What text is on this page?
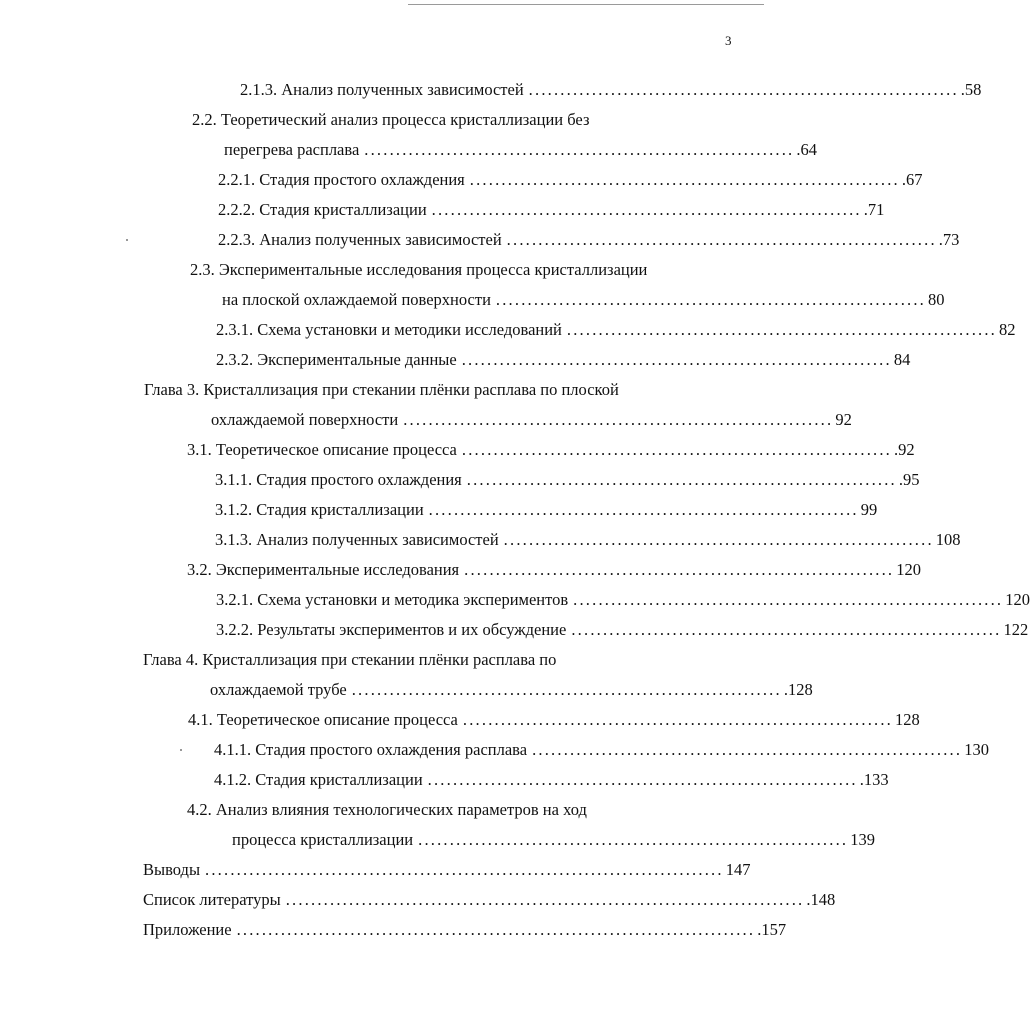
3
2.1.3. Анализ полученных зависимостей .................................................................... .58
2.2. Теоретический анализ процесса кристаллизации без
перегрева расплава .................................................................... .64
2.2.1. Стадия простого охлаждения .................................................................... .67
2.2.2. Стадия кристаллизации .................................................................... .71
2.2.3. Анализ полученных зависимостей .................................................................... .73
2.3. Экспериментальные исследования процесса кристаллизации
на плоской охлаждаемой поверхности .................................................................... 80
2.3.1. Схема установки и методики исследований .................................................................... 82
2.3.2. Экспериментальные данные .................................................................... 84
Глава 3. Кристаллизация при стекании плёнки расплава по плоской
охлаждаемой поверхности .................................................................... 92
3.1. Теоретическое описание процесса .................................................................... .92
3.1.1. Стадия простого охлаждения .................................................................... .95
3.1.2. Стадия кристаллизации .................................................................... 99
3.1.3. Анализ полученных зависимостей .................................................................... 108
3.2. Экспериментальные исследования .................................................................... 120
3.2.1. Схема установки и методика экспериментов .................................................................... 120
3.2.2. Результаты экспериментов и их обсуждение .................................................................... 122
Глава 4. Кристаллизация при стекании плёнки расплава по
охлаждаемой трубе .................................................................... .128
4.1. Теоретическое описание процесса .................................................................... 128
4.1.1. Стадия простого охлаждения расплава .................................................................... 130
4.1.2. Стадия кристаллизации .................................................................... .133
4.2. Анализ влияния технологических параметров на ход
процесса кристаллизации .................................................................... 139
Выводы .................................................................................. 147
Список литературы .................................................................................. .148
Приложение .................................................................................. .157
